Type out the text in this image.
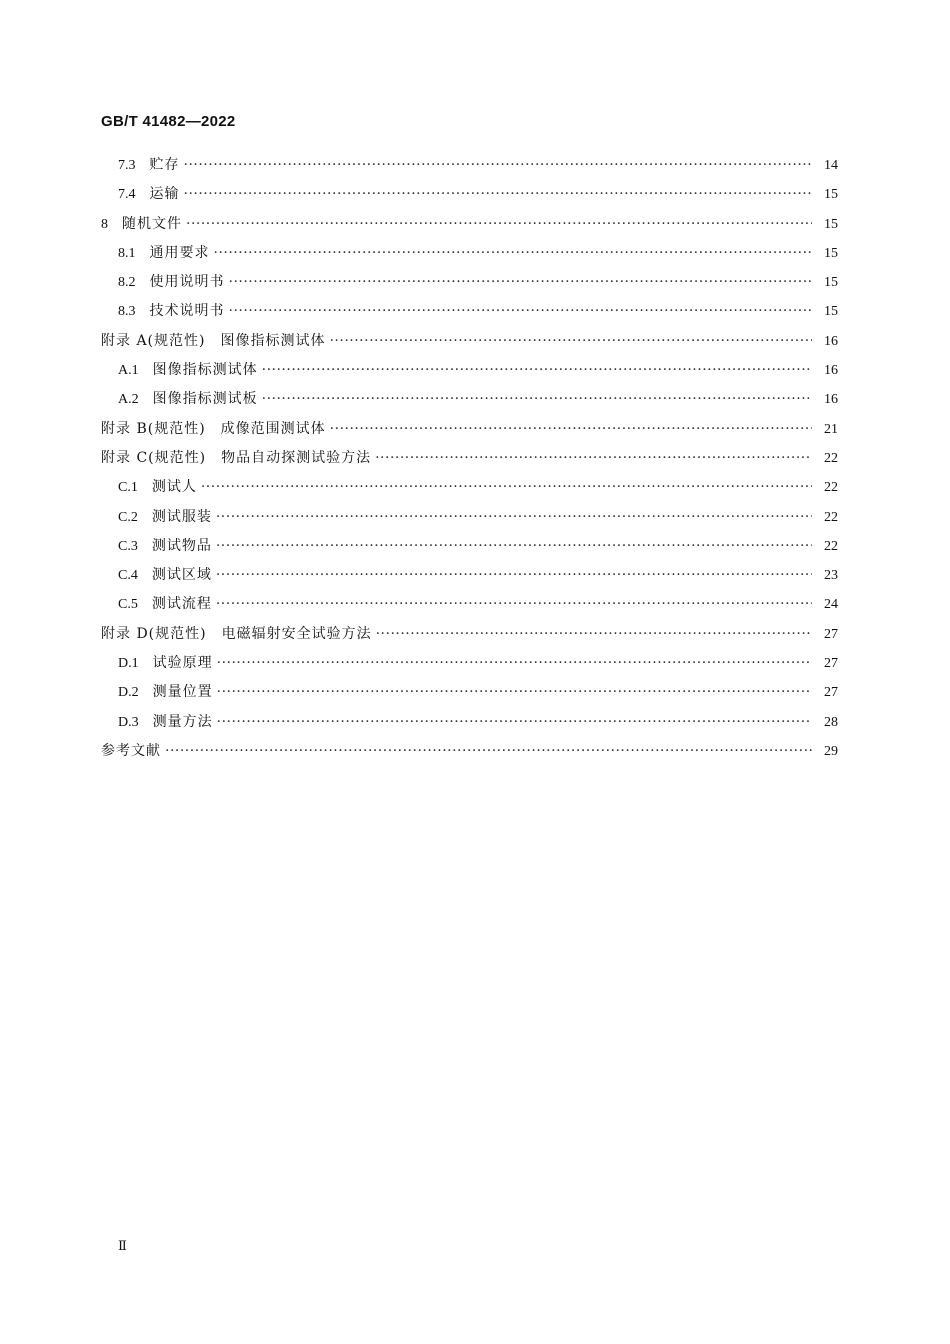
GB/T 41482—2022
7.3 贮存 ·····	14
7.4 运输 ·····	15
8 随机文件 ·····	15
8.1 通用要求 ·····	15
8.2 使用说明书 ·····	15
8.3 技术说明书 ·····	15
附录 A(规范性)　图像指标测试体 ·····	16
A.1 图像指标测试体 ·····	16
A.2 图像指标测试板 ·····	16
附录 B(规范性)　成像范围测试体 ·····	21
附录 C(规范性)　物品自动探测试验方法 ·····	22
C.1 测试人 ·····	22
C.2 测试服装 ·····	22
C.3 测试物品 ·····	22
C.4 测试区域 ·····	23
C.5 测试流程 ·····	24
附录 D(规范性)　电磁辐射安全试验方法 ·····	27
D.1 试验原理 ·····	27
D.2 测量位置 ·····	27
D.3 测量方法 ·····	28
参考文献 ·····	29
Ⅱ
